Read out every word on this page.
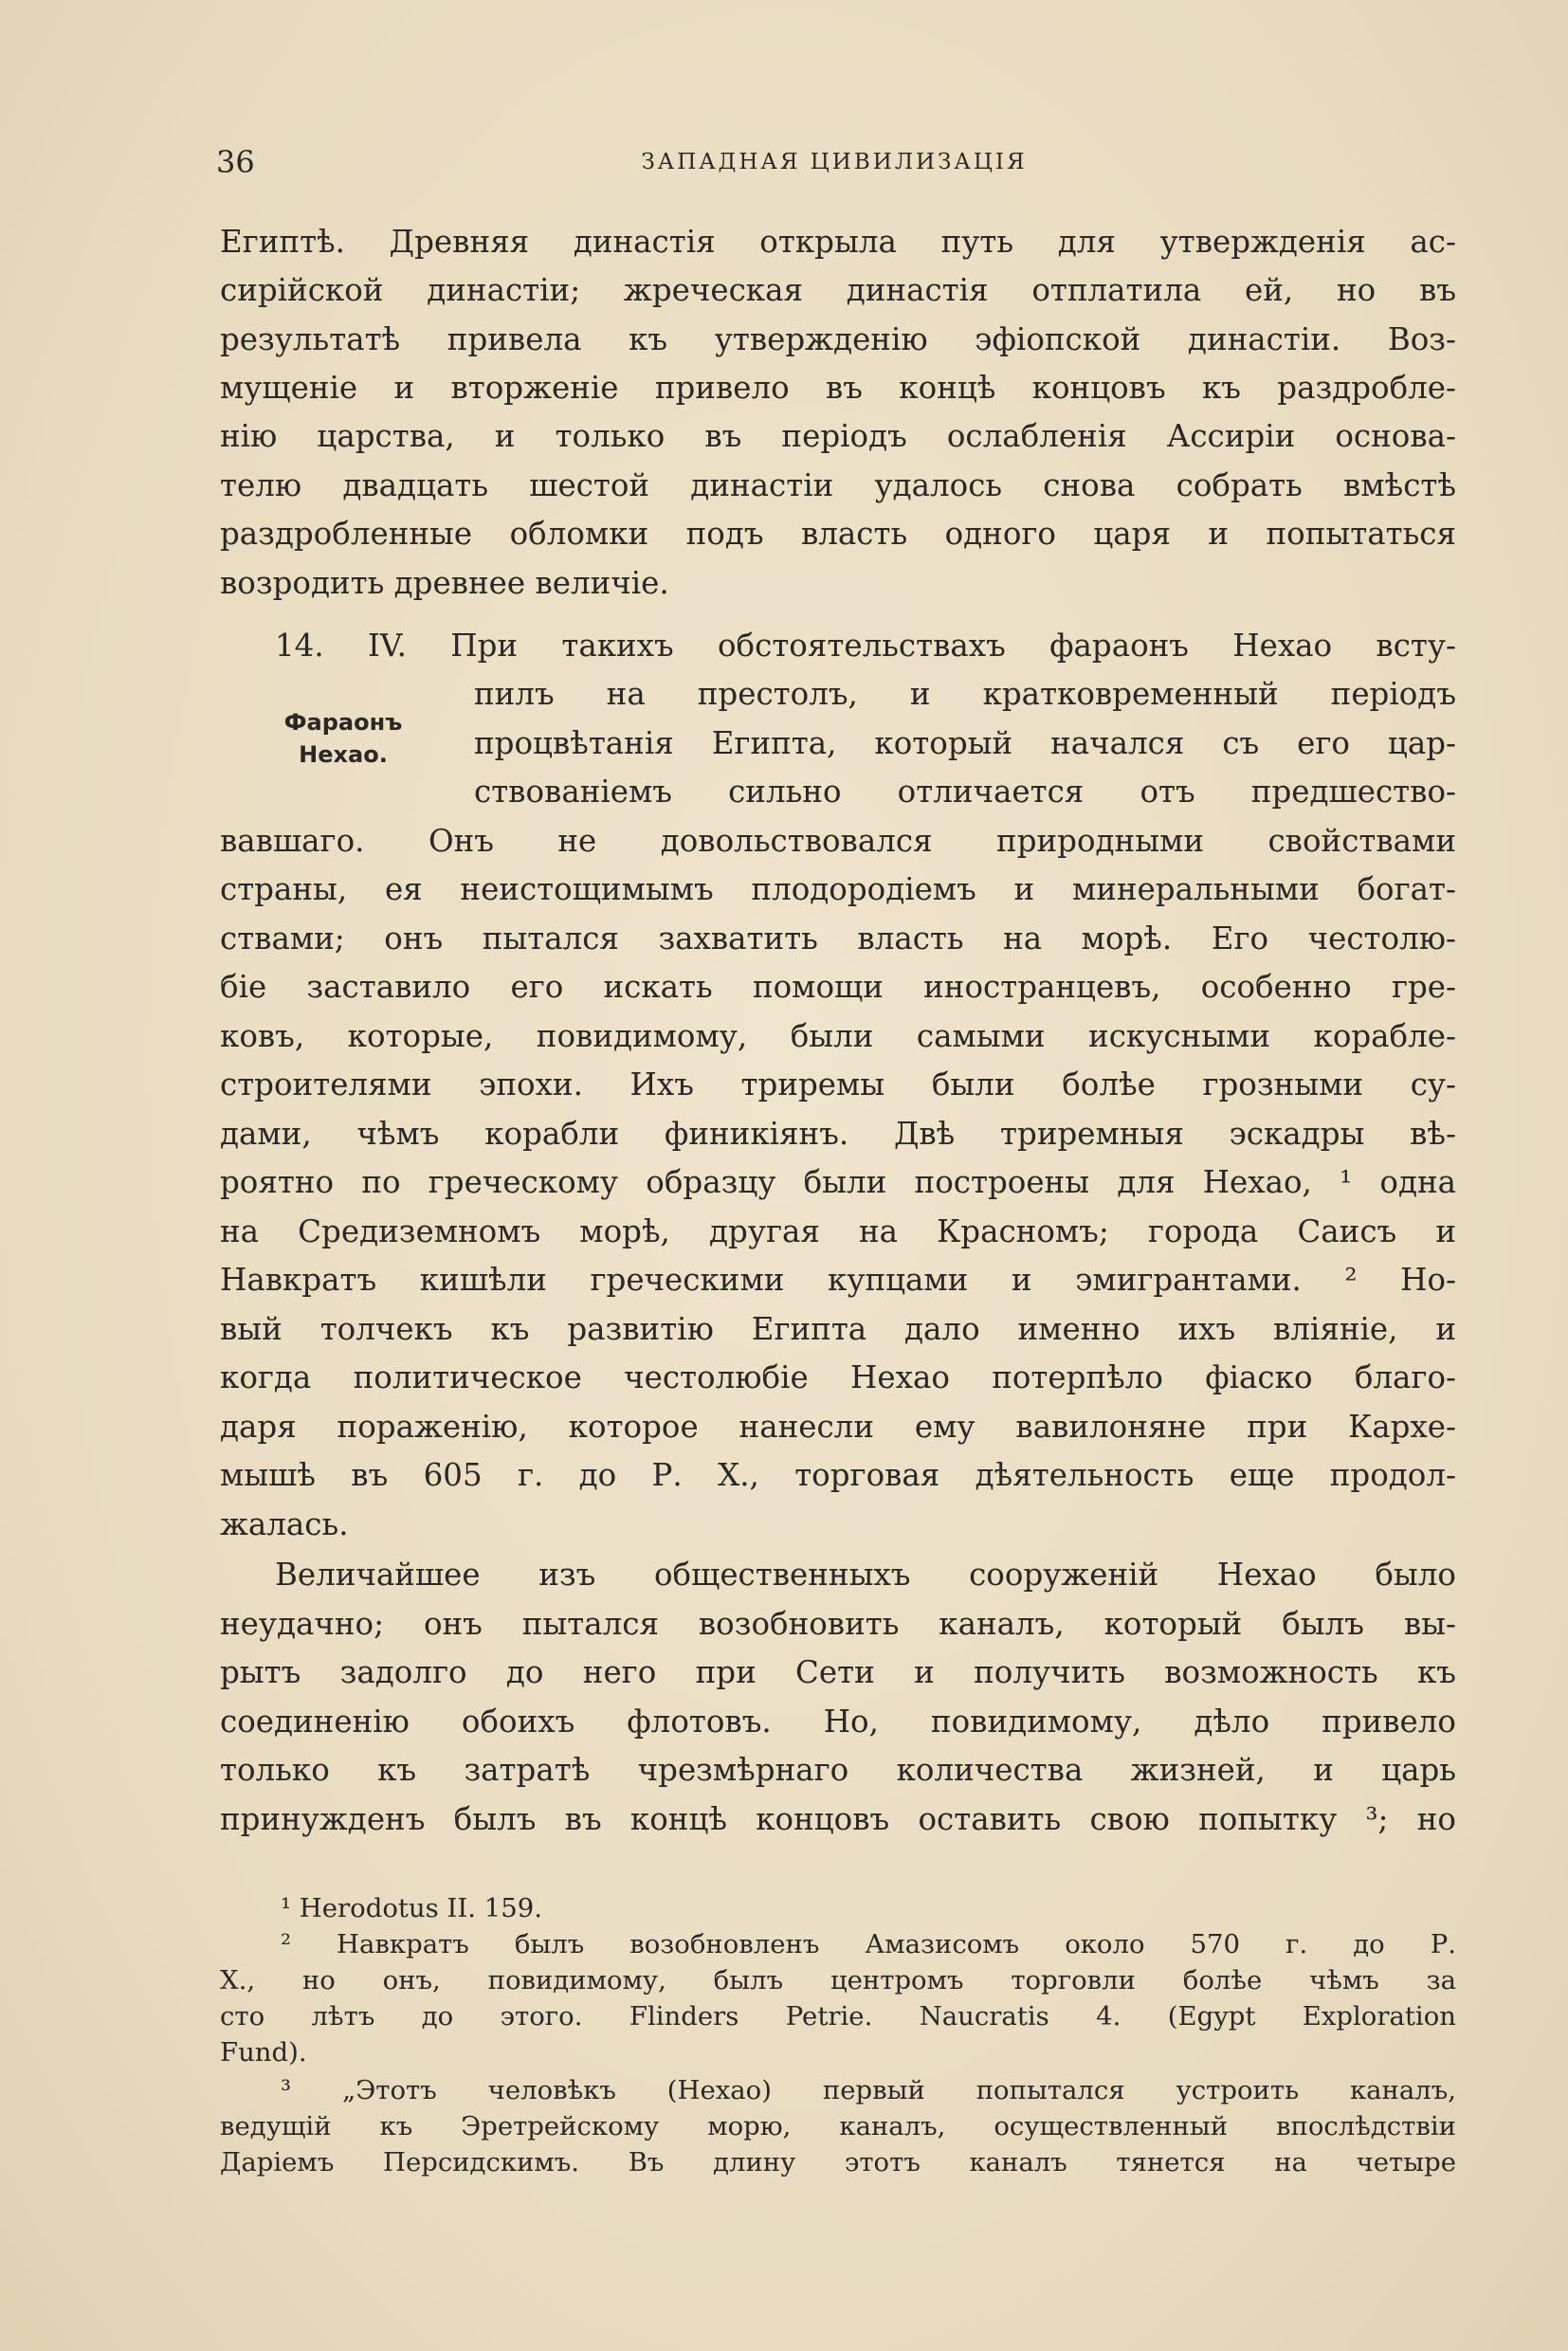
36	ЗАПАДНАЯ ЦИВИЛИЗАЦІЯ
Фараонъ
Нехао.
Египтѣ. Древняя династія открыла путь для утвержденія ас-
сирійской династіи; жреческая династія отплатила ей, но въ
результатѣ привела къ утвержденію эфіопской династіи. Воз-
мущеніе и вторженіе привело въ концѣ концовъ къ раздробле-
нію царства, и только въ періодъ ослабленія Ассиріи основа-
телю двадцать шестой династіи удалось снова собрать вмѣстѣ
раздробленные обломки подъ власть одного царя и попытаться
возродить древнее величіе.
14. IV. При такихъ обстоятельствахъ фараонъ Нехао всту-
пилъ на престолъ, и кратковременный періодъ
процвѣтанія Египта, который начался съ его цар-
ствованіемъ сильно отличается отъ предшество-
вавшаго. Онъ не довольствовался природными свойствами
страны, ея неистощимымъ плодородіемъ и минеральными богат-
ствами; онъ пытался захватить власть на морѣ. Его честолю-
біе заставило его искать помощи иностранцевъ, особенно гре-
ковъ, которые, повидимому, были самыми искусными корабле-
строителями эпохи. Ихъ триремы были болѣе грозными су-
дами, чѣмъ корабли финикіянъ. Двѣ триремныя эскадры вѣ-
роятно по греческому образцу были построены для Нехао, ¹ одна
на Средиземномъ морѣ, другая на Красномъ; города Саисъ и
Навкратъ кишѣли греческими купцами и эмигрантами. ² Но-
вый толчекъ къ развитію Египта дало именно ихъ вліяніе, и
когда политическое честолюбіе Нехао потерпѣло фіаско благо-
даря пораженію, которое нанесли ему вавилоняне при Кархе-
мышѣ въ 605 г. до Р. Х., торговая дѣятельность еще продол-
жалась.
Величайшее изъ общественныхъ сооруженій Нехао было
неудачно; онъ пытался возобновить каналъ, который былъ вы-
рытъ задолго до него при Сети и получить возможность къ
соединенію обоихъ флотовъ. Но, повидимому, дѣло привело
только къ затратѣ чрезмѣрнаго количества жизней, и царь
принужденъ былъ въ концѣ концовъ оставить свою попытку ³; но
¹ Herodotus II. 159.
² Навкратъ былъ возобновленъ Амазисомъ около 570 г. до Р.
Х., но онъ, повидимому, былъ центромъ торговли болѣе чѣмъ за
сто лѣтъ до этого. Flinders Petrie. Naucratis 4. (Egypt Exploration
Fund).
³ „Этотъ человѣкъ (Нехао) первый попытался устроить каналъ,
ведущій къ Эретрейскому морю, каналъ, осуществленный впослѣдствіи
Даріемъ Персидскимъ. Въ длину этотъ каналъ тянется на четыре
